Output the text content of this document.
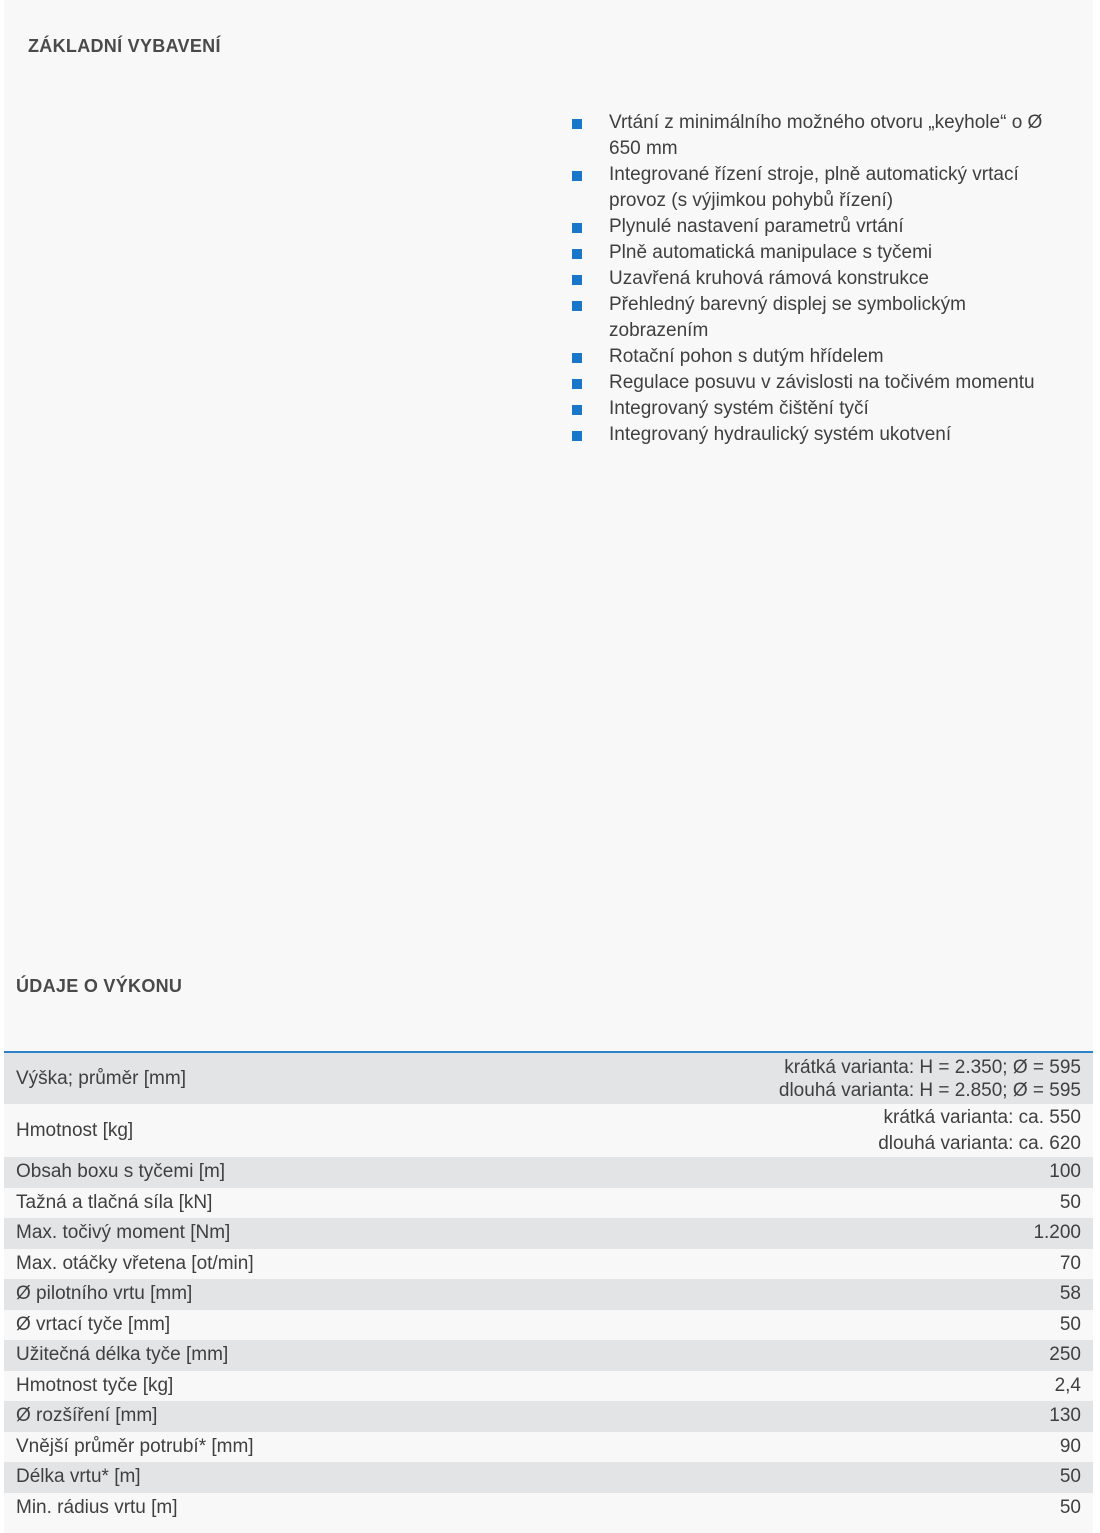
ZÁKLADNÍ VYBAVENÍ
Vrtání z minimálního možného otvoru „keyhole“ o Ø 650 mm
Integrované řízení stroje, plně automatický vrtací provoz (s výjimkou pohybů řízení)
Plynulé nastavení parametrů vrtání
Plně automatická manipulace s tyčemi
Uzavřená kruhová rámová konstrukce
Přehledný barevný displej se symbolickým zobrazením
Rotační pohon s dutým hřídelem
Regulace posuvu v závislosti na točivém momentu
Integrovaný systém čištění tyčí
Integrovaný hydraulický systém ukotvení
ÚDAJE O VÝKONU
Výška; průměr [mm]	krátká varianta: H = 2.350; Ø = 595
dlouhá varianta: H = 2.850; Ø = 595

Hmotnost [kg]	krátká varianta: ca. 550
dlouhá varianta: ca. 620

Obsah boxu s tyčemi [m]	100
Tažná a tlačná síla [kN]	50
Max. točivý moment [Nm]	1.200
Max. otáčky vřetena [ot/min]	70
Ø pilotního vrtu [mm]	58
Ø vrtací tyče [mm]	50
Užitečná délka tyče [mm]	250
Hmotnost tyče [kg]	2,4
Ø rozšíření [mm]	130
Vnější průměr potrubí* [mm]	90
Délka vrtu* [m]	50
Min. rádius vrtu [m]	50
